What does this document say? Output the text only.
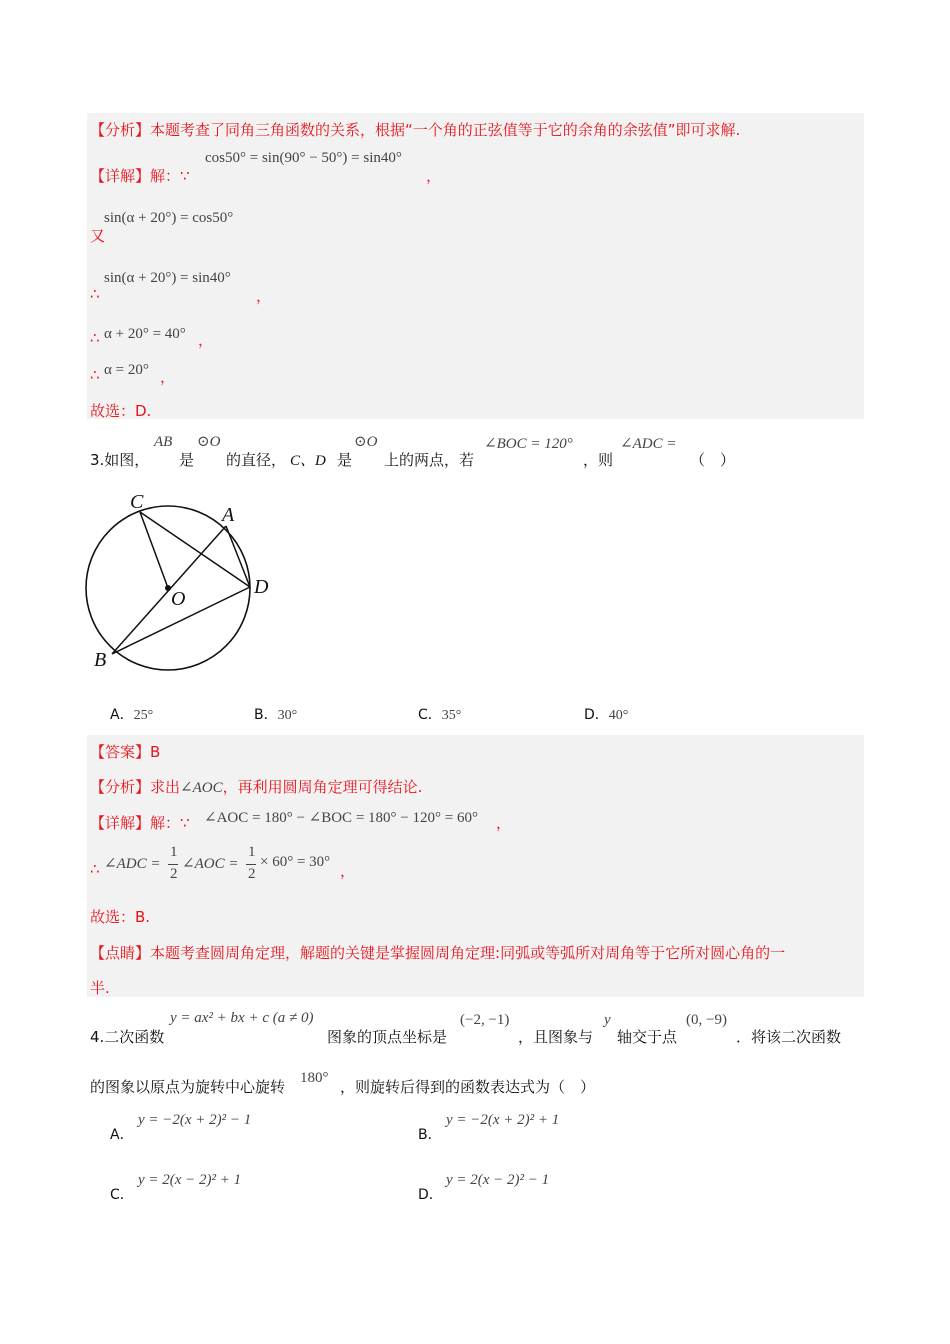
【分析】本题考查了同角三角函数的关系，根据“一个角的正弦值等于它的余角的余弦值”即可求解.
【详解】解：∵
cos50° = sin(90° − 50°) = sin40°
，
又
sin(α + 20°) = cos50°
∴
sin(α + 20°) = sin40°
，
∴ α + 20° = 40° ，
∴ α = 20° ，
故选：D.
3.如图，
AB
是
⊙O
的直径， C、D 是
⊙O
上的两点，若
∠BOC = 120°
，则
∠ADC =
（　）
C
A
O
D
B
A．25°	B．30°	C．35°	D．40°
【答案】B
【分析】求出∠AOC，再利用圆周角定理可得结论.
【详解】解：∵ ∠AOC = 180° − ∠BOC = 180° − 120° = 60° ，
∴ ∠ADC =
1
2
∠AOC =
1
2
× 60° = 30° ，
故选：B.
【点睛】本题考查圆周角定理，解题的关键是掌握圆周角定理:同弧或等弧所对周角等于它所对圆心角的一
半.
4.二次函数
y = ax² + bx + c (a ≠ 0)
图象的顶点坐标是
(−2, −1)
，且图象与
y
轴交于点
(0, −9)
．将该二次函数
的图象以原点为旋转中心旋转 180° ，则旋转后得到的函数表达式为（　）
A．
y = −2(x + 2)² − 1
B．
y = −2(x + 2)² + 1
C．
y = 2(x − 2)² + 1
D．
y = 2(x − 2)² − 1
